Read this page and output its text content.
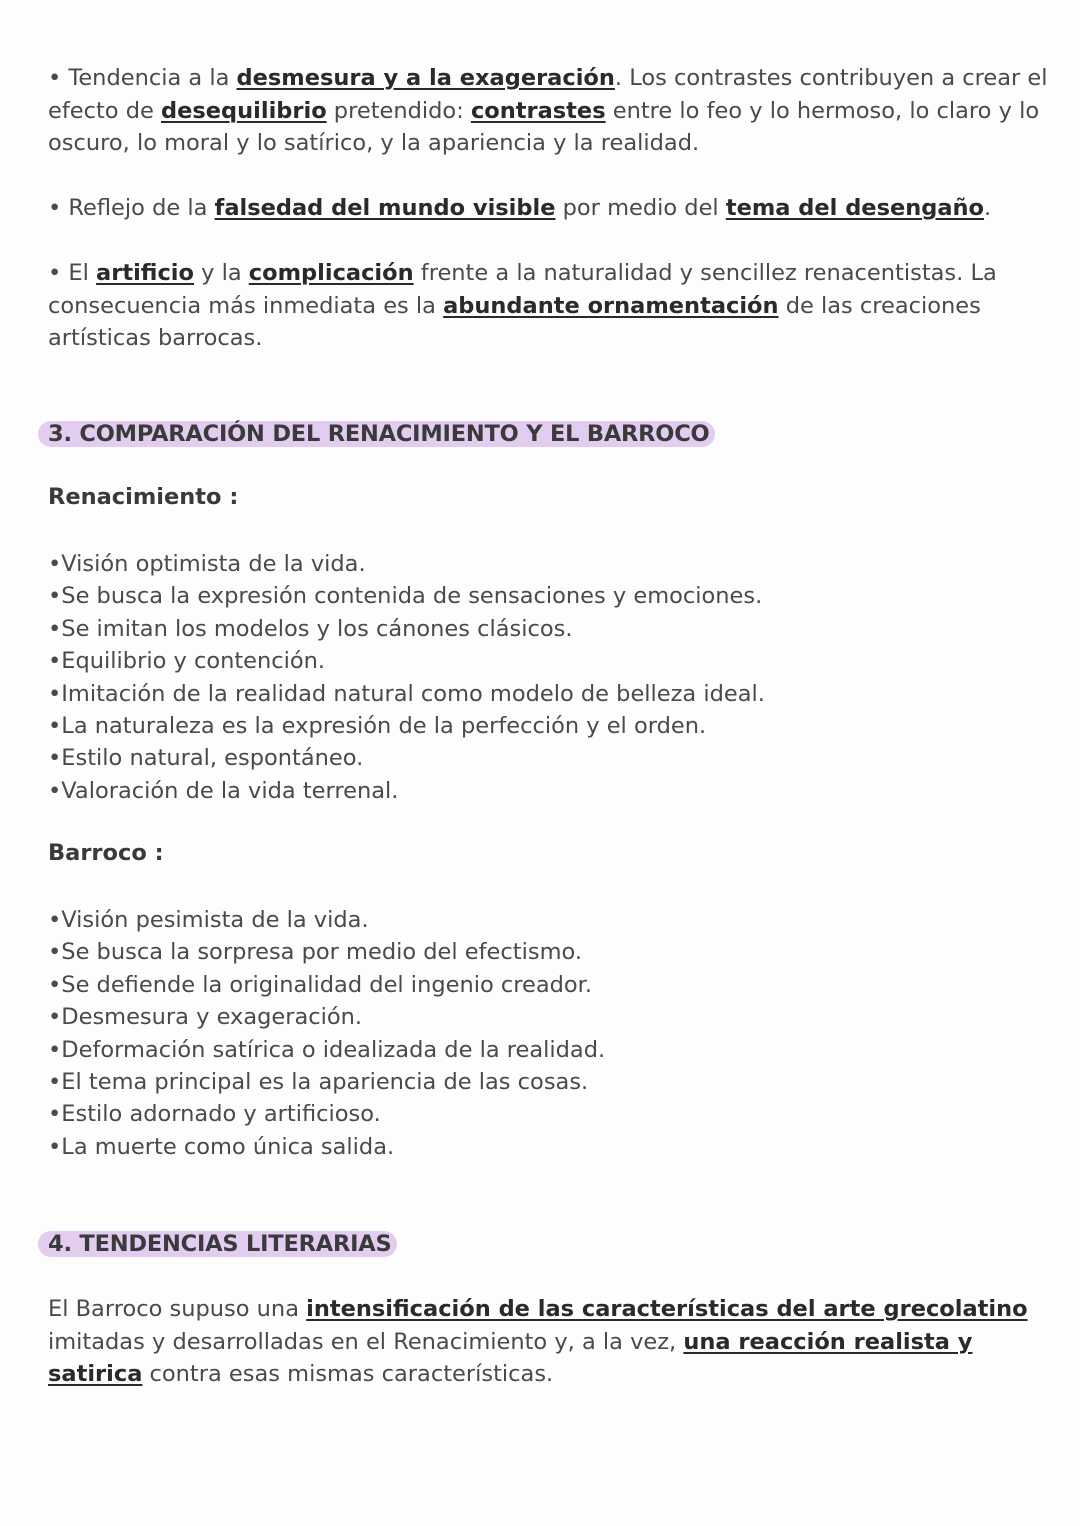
• Tendencia a la desmesura y a la exageración. Los contrastes contribuyen a crear el efecto de desequilibrio pretendido: contrastes entre lo feo y lo hermoso, lo claro y lo oscuro, lo moral y lo satírico, y la apariencia y la realidad.

• Reflejo de la falsedad del mundo visible por medio del tema del desengaño.

• El artificio y la complicación frente a la naturalidad y sencillez renacentistas. La consecuencia más inmediata es la abundante ornamentación de las creaciones artísticas barrocas.

3. COMPARACIÓN DEL RENACIMIENTO Y EL BARROCO
Renacimiento :
• Visión optimista de la vida.
• Se busca la expresión contenida de sensaciones y emociones.
• Se imitan los modelos y los cánones clásicos.
• Equilibrio y contención.
• Imitación de la realidad natural como modelo de belleza ideal.
• La naturaleza es la expresión de la perfección y el orden.
• Estilo natural, espontáneo.
• Valoración de la vida terrenal.
Barroco :
• Visión pesimista de la vida.
• Se busca la sorpresa por medio del efectismo.
• Se defiende la originalidad del ingenio creador.
• Desmesura y exageración.
• Deformación satírica o idealizada de la realidad.
• El tema principal es la apariencia de las cosas.
• Estilo adornado y artificioso.
• La muerte como única salida.
4. TENDENCIAS LITERARIAS

El Barroco supuso una intensificación de las características del arte grecolatino imitadas y desarrolladas en el Renacimiento y, a la vez, una reacción realista y satirica contra esas mismas características.
